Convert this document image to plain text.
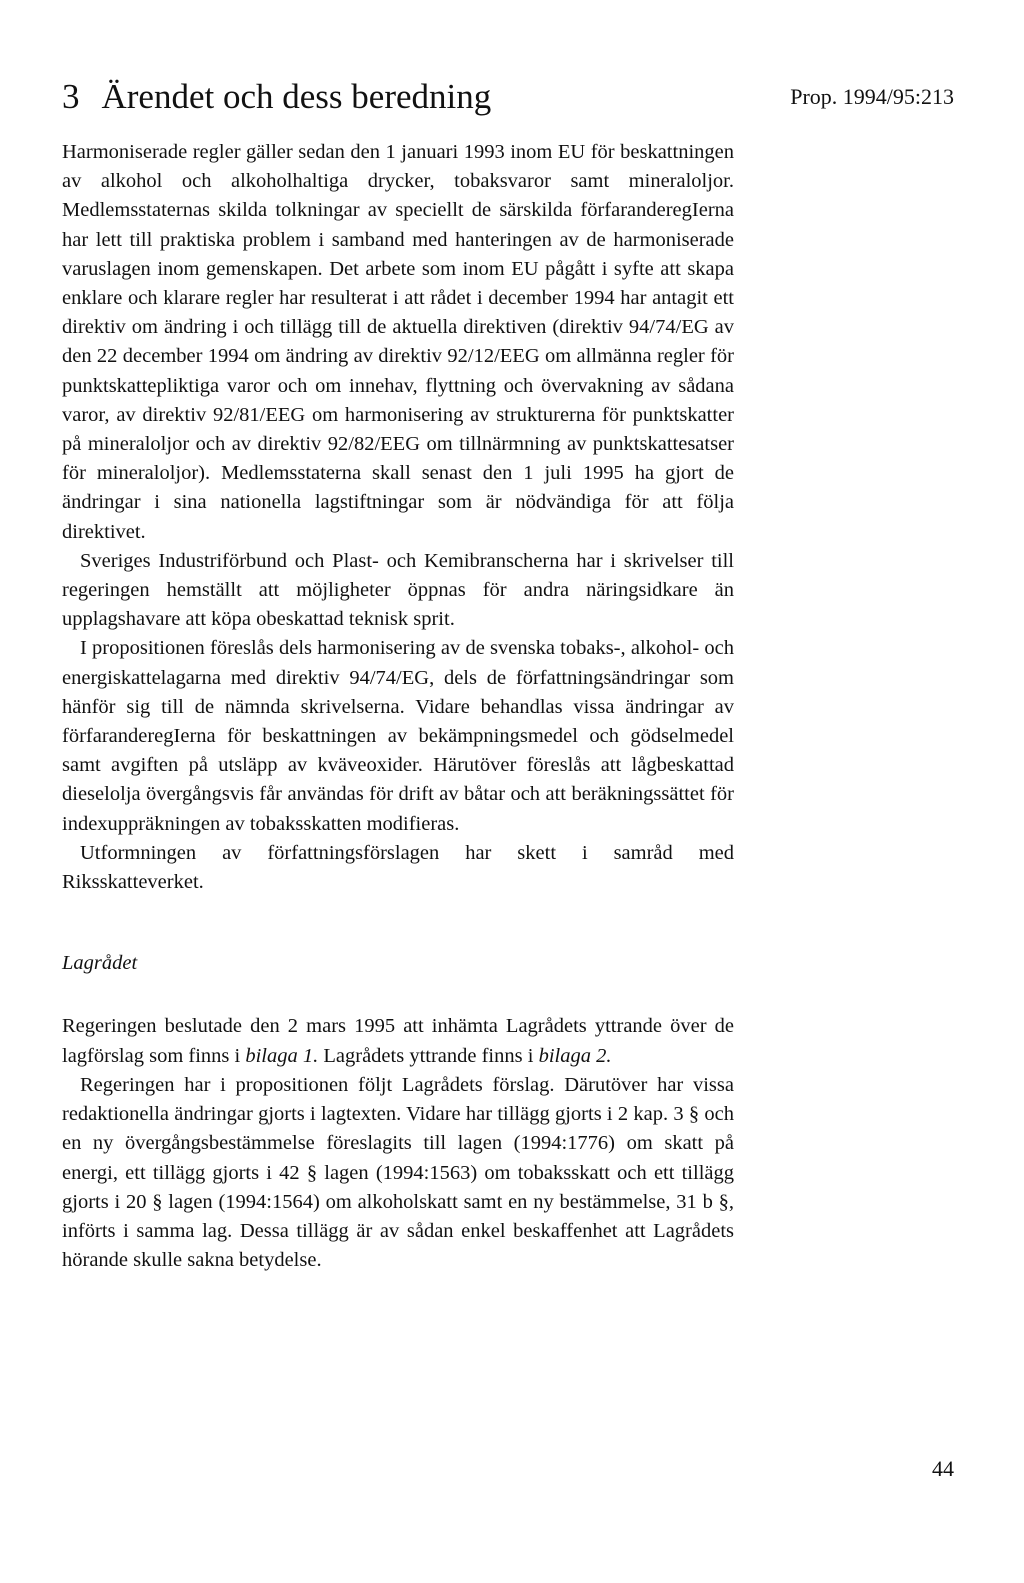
3 Ärendet och dess beredning	Prop. 1994/95:213

Harmoniserade regler gäller sedan den 1 januari 1993 inom EU för beskattningen av alkohol och alkoholhaltiga drycker, tobaksvaror samt mineraloljor. Medlemsstaternas skilda tolkningar av speciellt de särskilda förfaranderegIerna har lett till praktiska problem i samband med hanteringen av de harmoniserade varuslagen inom gemenskapen. Det arbete som inom EU pågått i syfte att skapa enklare och klarare regler har resulterat i att rådet i december 1994 har antagit ett direktiv om ändring i och tillägg till de aktuella direktiven (direktiv 94/74/EG av den 22 december 1994 om ändring av direktiv 92/12/EEG om allmänna regler för punktskattepliktiga varor och om innehav, flyttning och övervakning av sådana varor, av direktiv 92/81/EEG om harmonisering av strukturerna för punktskatter på mineraloljor och av direktiv 92/82/EEG om tillnärmning av punktskattesatser för mineraloljor). Medlemsstaterna skall senast den 1 juli 1995 ha gjort de ändringar i sina nationella lagstiftningar som är nödvändiga för att följa direktivet.

Sveriges Industriförbund och Plast- och Kemibranscherna har i skrivelser till regeringen hemställt att möjligheter öppnas för andra näringsidkare än upplagshavare att köpa obeskattad teknisk sprit.

I propositionen föreslås dels harmonisering av de svenska tobaks-, alkohol- och energiskattelagarna med direktiv 94/74/EG, dels de författningsändringar som hänför sig till de nämnda skrivelserna. Vidare behandlas vissa ändringar av förfaranderegIerna för beskattningen av bekämpningsmedel och gödselmedel samt avgiften på utsläpp av kväveoxider. Härutöver föreslås att lågbeskattad dieselolja övergångsvis får användas för drift av båtar och att beräkningssättet för indexuppräkningen av tobaksskatten modifieras.

Utformningen av författningsförslagen har skett i samråd med Riksskatteverket.

Lagrådet

Regeringen beslutade den 2 mars 1995 att inhämta Lagrådets yttrande över de lagförslag som finns i bilaga 1. Lagrådets yttrande finns i bilaga 2.

Regeringen har i propositionen följt Lagrådets förslag. Därutöver har vissa redaktionella ändringar gjorts i lagtexten. Vidare har tillägg gjorts i 2 kap. 3 § och en ny övergångsbestämmelse föreslagits till lagen (1994:1776) om skatt på energi, ett tillägg gjorts i 42 § lagen (1994:1563) om tobaksskatt och ett tillägg gjorts i 20 § lagen (1994:1564) om alkoholskatt samt en ny bestämmelse, 31 b §, införts i samma lag. Dessa tillägg är av sådan enkel beskaffenhet att Lagrådets hörande skulle sakna betydelse.

44
